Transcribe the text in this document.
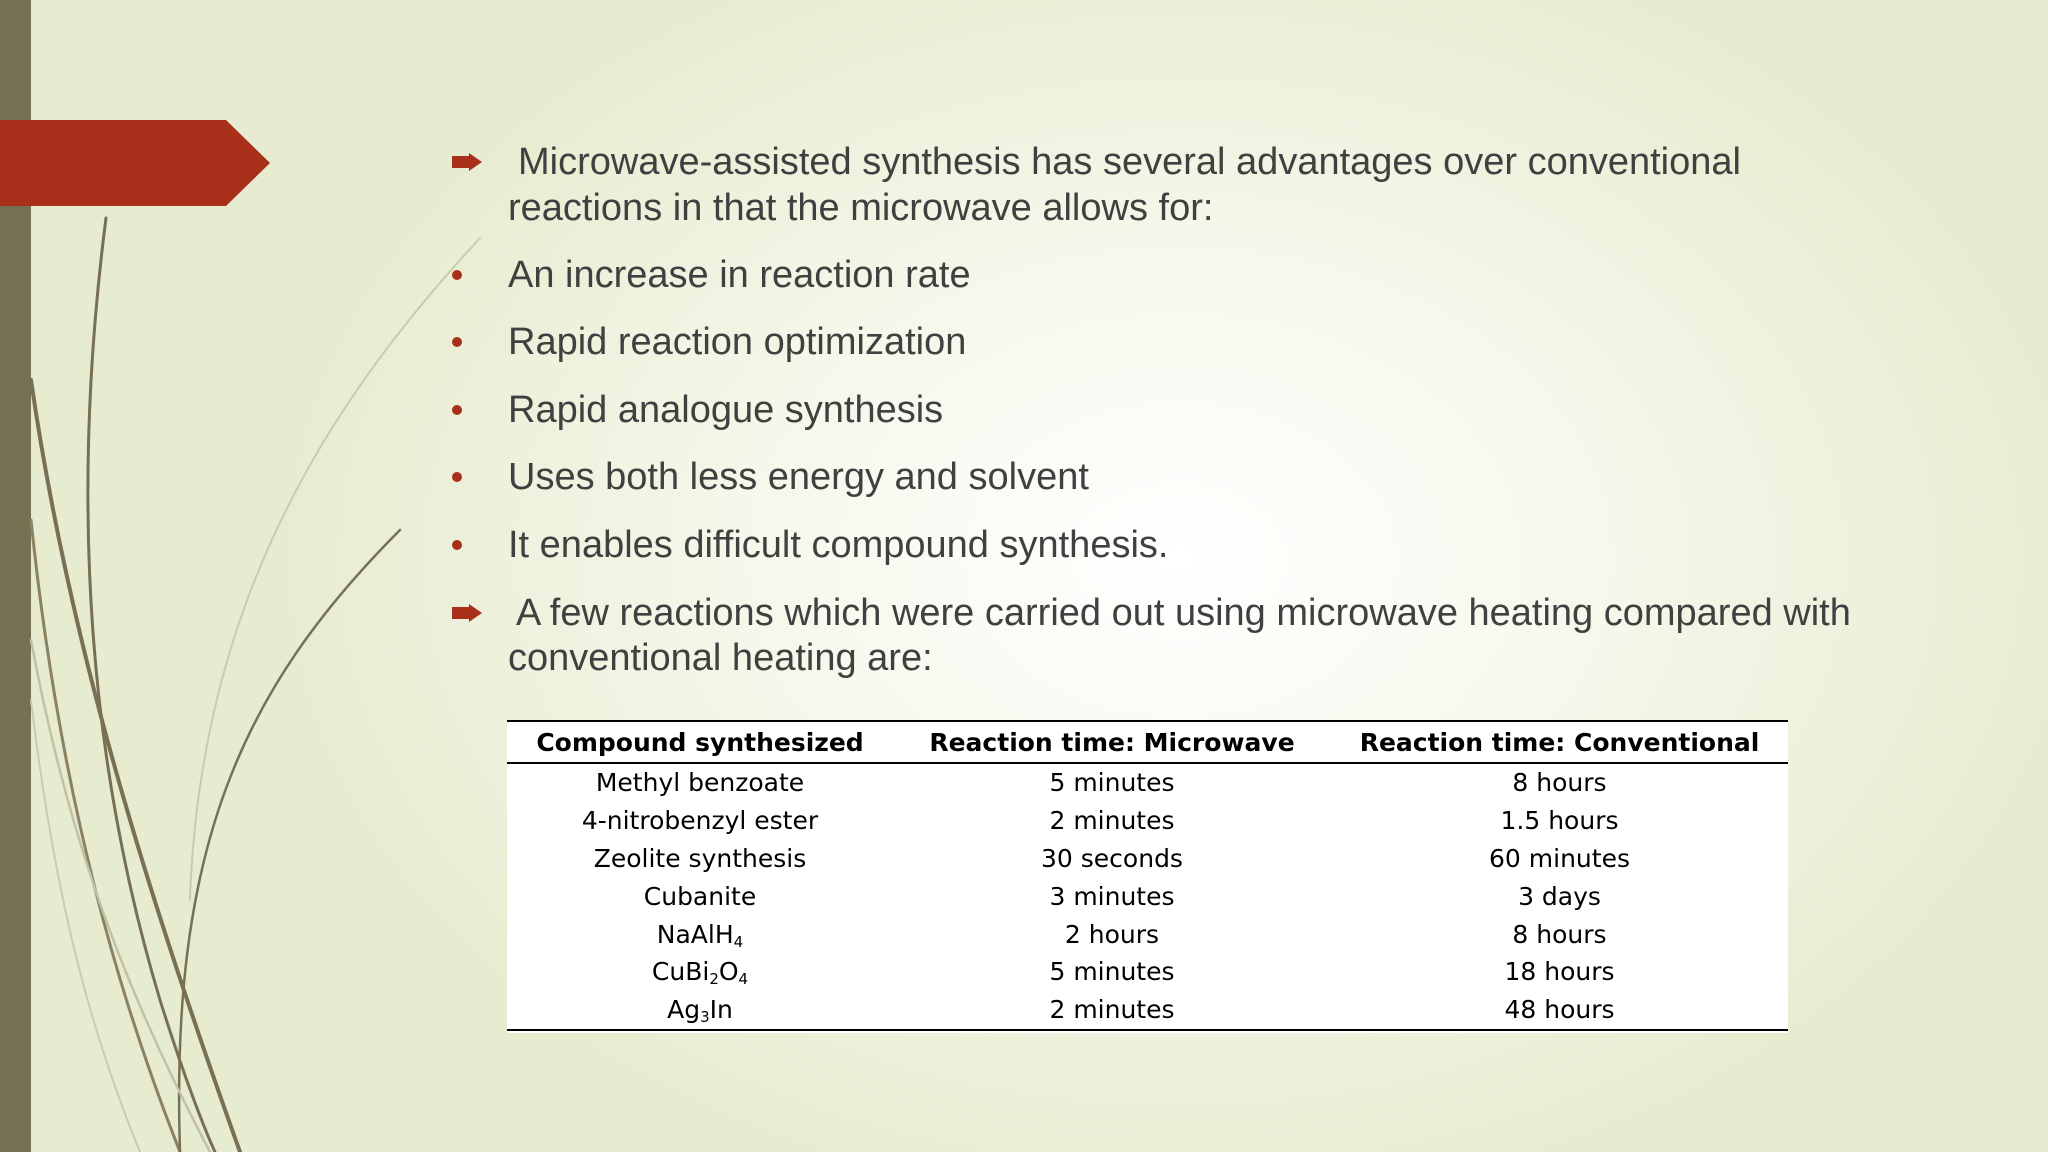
Microwave-assisted synthesis has several advantages over conventional
reactions in that the microwave allows for:
An increase in reaction rate
Rapid reaction optimization
Rapid analogue synthesis
Uses both less energy and solvent
It enables difficult compound synthesis.
A few reactions which were carried out using microwave heating compared with
conventional heating are:
Compound synthesized	Reaction time: Microwave	Reaction time: Conventional
Methyl benzoate	5 minutes	8 hours
4-nitrobenzyl ester	2 minutes	1.5 hours
Zeolite synthesis	30 seconds	60 minutes
Cubanite	3 minutes	3 days
NaAlH$_4$	2 hours	8 hours
$CuBi_2O_4$	5 minutes	18 hours
$Ag_3In$	2 minutes	48 hours
